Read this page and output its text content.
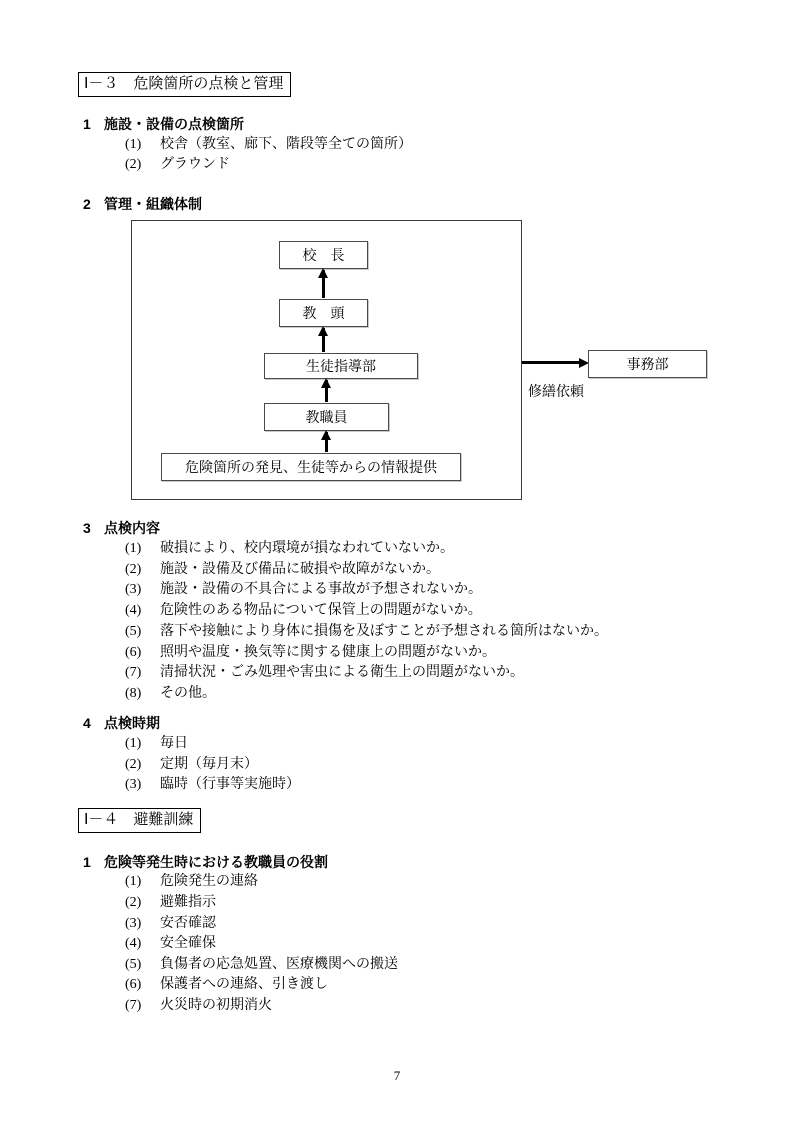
Ⅰ－３　危険箇所の点検と管理
1 施設・設備の点検箇所
(1) 校舎（教室、廊下、階段等全ての箇所）
(2) グラウンド
2 管理・組織体制
校　長
教　頭
生徒指導部
教職員
危険箇所の発見、生徒等からの情報提供
事務部
修繕依頼
3 点検内容
(1) 破損により、校内環境が損なわれていないか。
(2) 施設・設備及び備品に破損や故障がないか。
(3) 施設・設備の不具合による事故が予想されないか。
(4) 危険性のある物品について保管上の問題がないか。
(5) 落下や接触により身体に損傷を及ぼすことが予想される箇所はないか。
(6) 照明や温度・換気等に関する健康上の問題がないか。
(7) 清掃状況・ごみ処理や害虫による衛生上の問題がないか。
(8) その他。
4 点検時期
(1) 毎日
(2) 定期（毎月末）
(3) 臨時（行事等実施時）
Ⅰ－４　避難訓練
1 危険等発生時における教職員の役割
(1) 危険発生の連絡
(2) 避難指示
(3) 安否確認
(4) 安全確保
(5) 負傷者の応急処置、医療機関への搬送
(6) 保護者への連絡、引き渡し
(7) 火災時の初期消火
7
